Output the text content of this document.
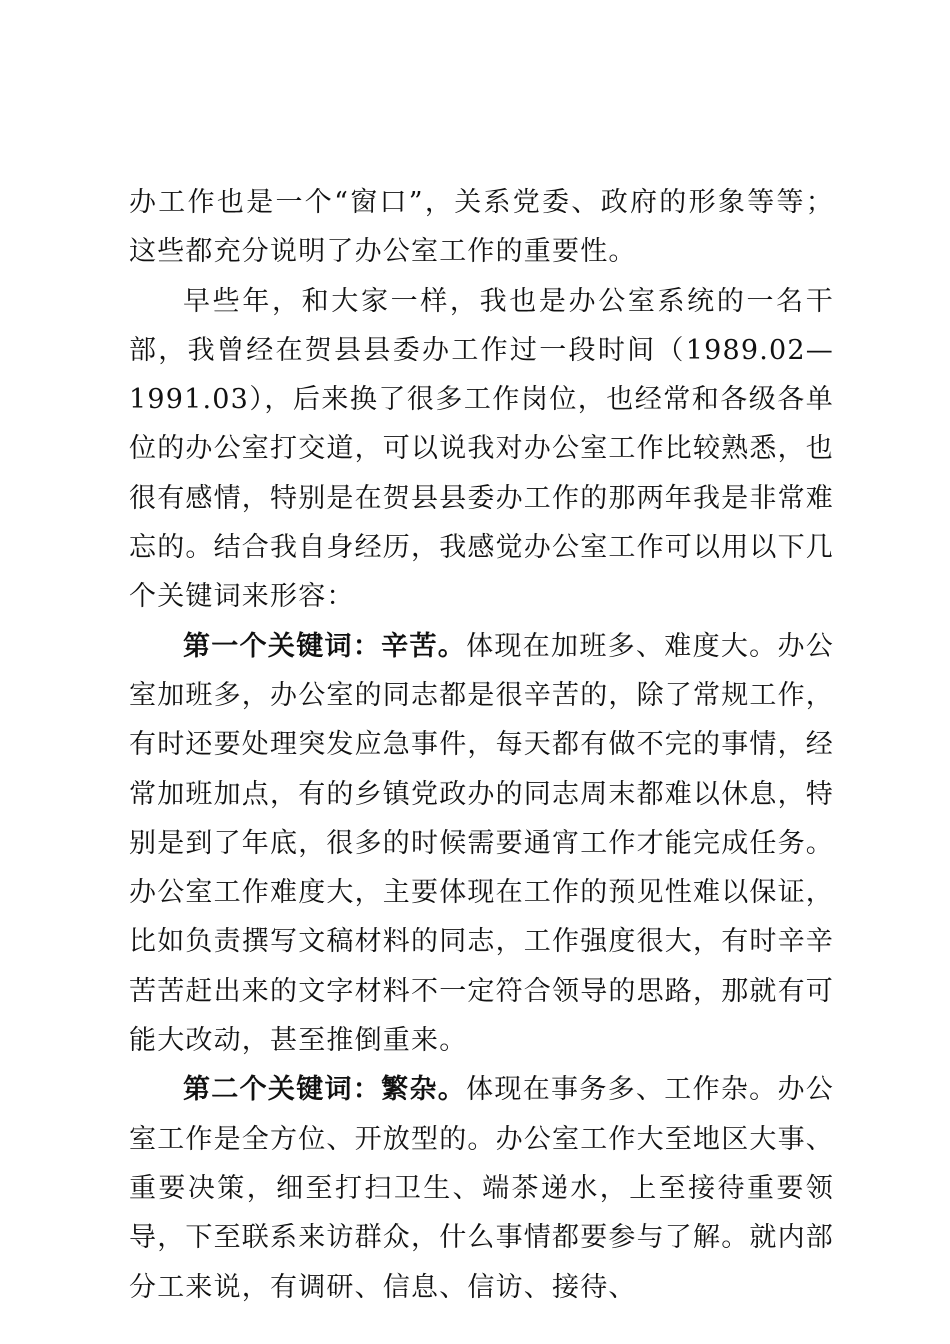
办工作也是一个“窗口”，关系党委、政府的形象等等；这些都充分说明了办公室工作的重要性。

早些年，和大家一样，我也是办公室系统的一名干部，我曾经在贺县县委办工作过一段时间（1989.02—1991.03），后来换了很多工作岗位，也经常和各级各单位的办公室打交道，可以说我对办公室工作比较熟悉，也很有感情，特别是在贺县县委办工作的那两年我是非常难忘的。结合我自身经历，我感觉办公室工作可以用以下几个关键词来形容：

第一个关键词：辛苦。体现在加班多、难度大。办公室加班多，办公室的同志都是很辛苦的，除了常规工作，有时还要处理突发应急事件，每天都有做不完的事情，经常加班加点，有的乡镇党政办的同志周末都难以休息，特别是到了年底，很多的时候需要通宵工作才能完成任务。办公室工作难度大，主要体现在工作的预见性难以保证，比如负责撰写文稿材料的同志，工作强度很大，有时辛辛苦苦赶出来的文字材料不一定符合领导的思路，那就有可能大改动，甚至推倒重来。

第二个关键词：繁杂。体现在事务多、工作杂。办公室工作是全方位、开放型的。办公室工作大至地区大事、重要决策，细至打扫卫生、端茶递水，上至接待重要领导，下至联系来访群众，什么事情都要参与了解。就内部分工来说，有调研、信息、信访、接待、
